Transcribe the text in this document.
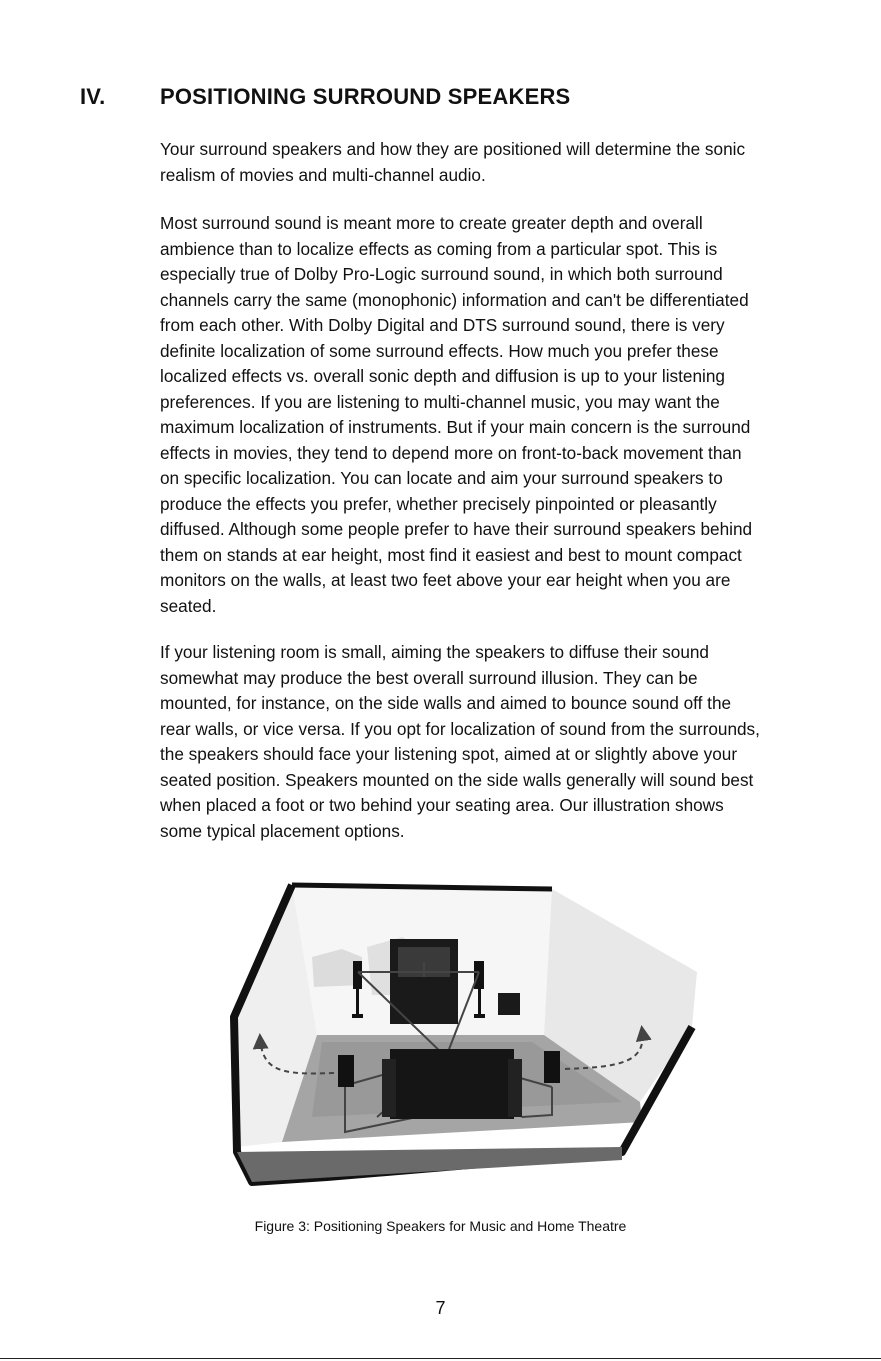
IV. POSITIONING SURROUND SPEAKERS

Your surround speakers and how they are positioned will determine the sonic
realism of movies and multi-channel audio.

Most surround sound is meant more to create greater depth and overall
ambience than to localize effects as coming from a particular spot. This is
especially true of Dolby Pro-Logic surround sound, in which both surround
channels carry the same (monophonic) information and can't be differentiated
from each other. With Dolby Digital and DTS surround sound, there is very
definite localization of some surround effects. How much you prefer these
localized effects vs. overall sonic depth and diffusion is up to your listening
preferences. If you are listening to multi-channel music, you may want the
maximum localization of instruments. But if your main concern is the surround
effects in movies, they tend to depend more on front-to-back movement than
on specific localization. You can locate and aim your surround speakers to
produce the effects you prefer, whether precisely pinpointed or pleasantly
diffused. Although some people prefer to have their surround speakers behind
them on stands at ear height, most find it easiest and best to mount compact
monitors on the walls, at least two feet above your ear height when you are
seated.

If your listening room is small, aiming the speakers to diffuse their sound
somewhat may produce the best overall surround illusion. They can be
mounted, for instance, on the side walls and aimed to bounce sound off the
rear walls, or vice versa. If you opt for localization of sound from the surrounds,
the speakers should face your listening spot, aimed at or slightly above your
seated position. Speakers mounted on the side walls generally will sound best
when placed a foot or two behind your seating area. Our illustration shows
some typical placement options.

Figure 3: Positioning Speakers for Music and Home Theatre
7
